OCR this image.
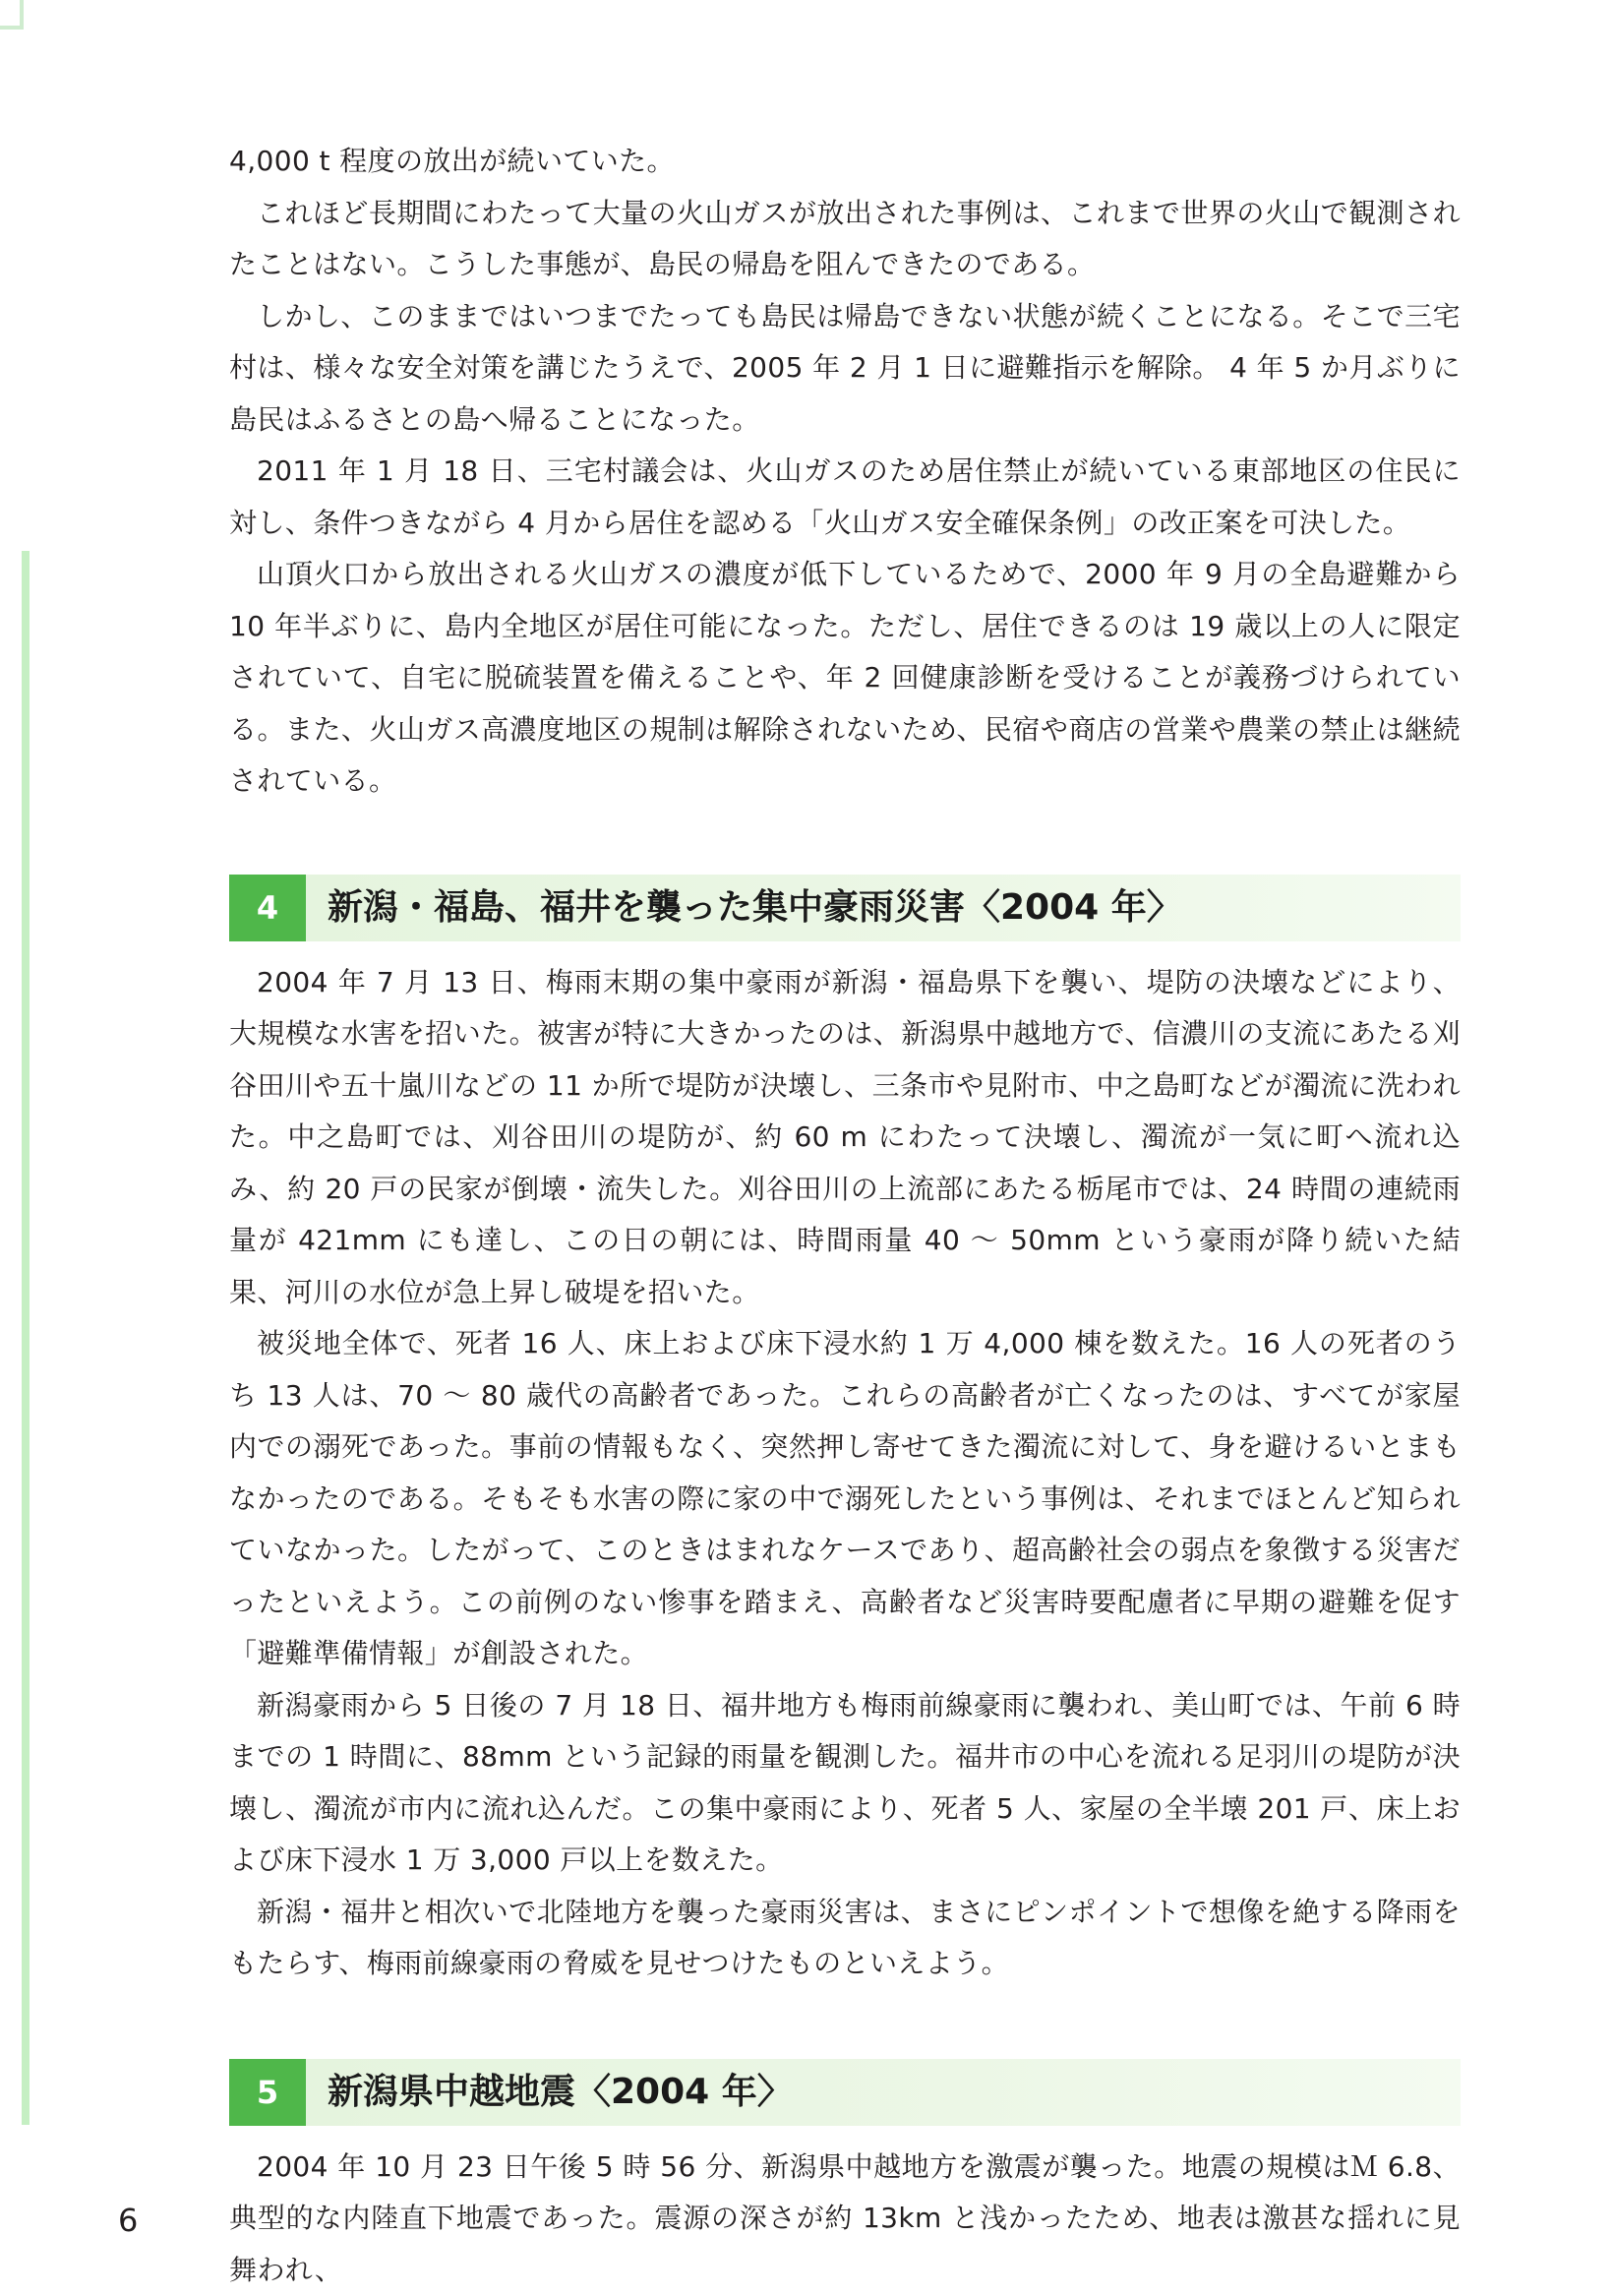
4,000 t 程度の放出が続いていた。

これほど長期間にわたって大量の火山ガスが放出された事例は、これまで世界の火山で観測されたことはない。こうした事態が、島民の帰島を阻んできたのである。

しかし、このままではいつまでたっても島民は帰島できない状態が続くことになる。そこで三宅村は、様々な安全対策を講じたうえで、2005 年 2 月 1 日に避難指示を解除。 4 年 5 か月ぶりに島民はふるさとの島へ帰ることになった。

2011 年 1 月 18 日、三宅村議会は、火山ガスのため居住禁止が続いている東部地区の住民に対し、条件つきながら 4 月から居住を認める「火山ガス安全確保条例」の改正案を可決した。

山頂火口から放出される火山ガスの濃度が低下しているためで、2000 年 9 月の全島避難から 10 年半ぶりに、島内全地区が居住可能になった。ただし、居住できるのは 19 歳以上の人に限定されていて、自宅に脱硫装置を備えることや、年 2 回健康診断を受けることが義務づけられている。また、火山ガス高濃度地区の規制は解除されないため、民宿や商店の営業や農業の禁止は継続されている。

4	新潟・福島、福井を襲った集中豪雨災害〈2004 年〉

2004 年 7 月 13 日、梅雨末期の集中豪雨が新潟・福島県下を襲い、堤防の決壊などにより、大規模な水害を招いた。被害が特に大きかったのは、新潟県中越地方で、信濃川の支流にあたる刈谷田川や五十嵐川などの 11 か所で堤防が決壊し、三条市や見附市、中之島町などが濁流に洗われた。中之島町では、刈谷田川の堤防が、約 60 m にわたって決壊し、濁流が一気に町へ流れ込み、約 20 戸の民家が倒壊・流失した。刈谷田川の上流部にあたる栃尾市では、24 時間の連続雨量が 421mm にも達し、この日の朝には、時間雨量 40 ～ 50mm という豪雨が降り続いた結果、河川の水位が急上昇し破堤を招いた。

被災地全体で、死者 16 人、床上および床下浸水約 1 万 4,000 棟を数えた。16 人の死者のうち 13 人は、70 ～ 80 歳代の高齢者であった。これらの高齢者が亡くなったのは、すべてが家屋内での溺死であった。事前の情報もなく、突然押し寄せてきた濁流に対して、身を避けるいとまもなかったのである。そもそも水害の際に家の中で溺死したという事例は、それまでほとんど知られていなかった。したがって、このときはまれなケースであり、超高齢社会の弱点を象徴する災害だったといえよう。この前例のない惨事を踏まえ、高齢者など災害時要配慮者に早期の避難を促す「避難準備情報」が創設された。

新潟豪雨から 5 日後の 7 月 18 日、福井地方も梅雨前線豪雨に襲われ、美山町では、午前 6 時までの 1 時間に、88mm という記録的雨量を観測した。福井市の中心を流れる足羽川の堤防が決壊し、濁流が市内に流れ込んだ。この集中豪雨により、死者 5 人、家屋の全半壊 201 戸、床上および床下浸水 1 万 3,000 戸以上を数えた。

新潟・福井と相次いで北陸地方を襲った豪雨災害は、まさにピンポイントで想像を絶する降雨をもたらす、梅雨前線豪雨の脅威を見せつけたものといえよう。

5	新潟県中越地震〈2004 年〉

2004 年 10 月 23 日午後 5 時 56 分、新潟県中越地方を激震が襲った。地震の規模はＭ 6.8、典型的な内陸直下地震であった。震源の深さが約 13km と浅かったため、地表は激甚な揺れに見舞われ、

6
